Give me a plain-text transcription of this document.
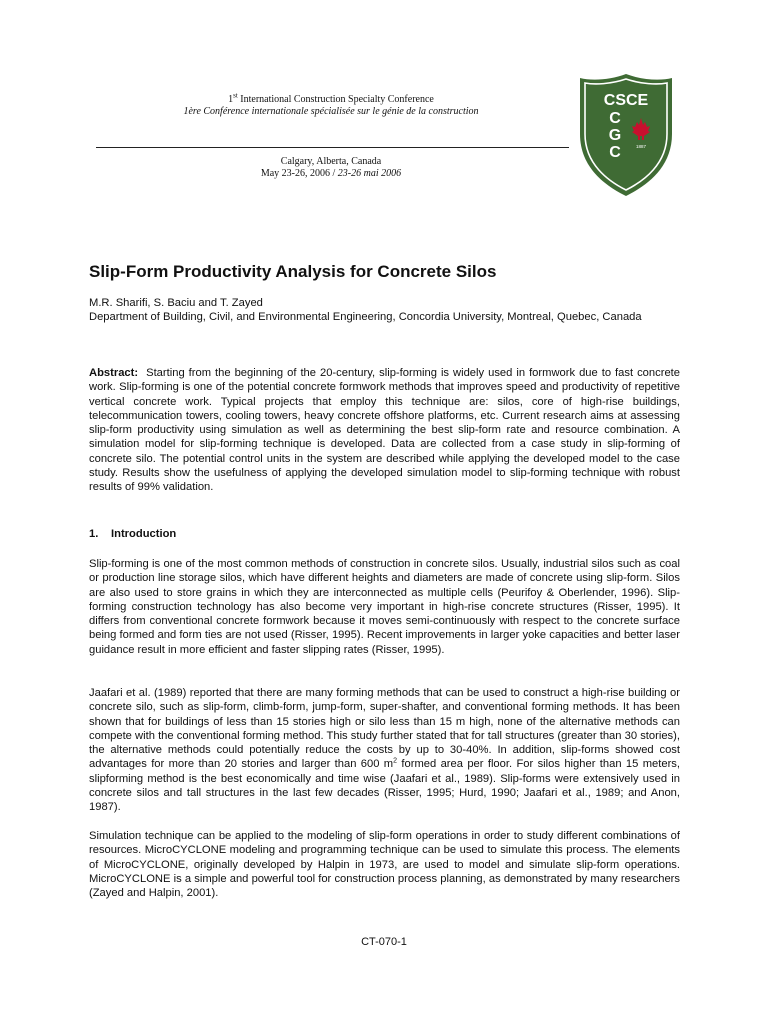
1st International Construction Specialty Conference
1ère Conférence internationale spécialisée sur le génie de la construction
Calgary, Alberta, Canada
May 23-26, 2006 / 23-26 mai 2006
CSCE
C
G
C	1887
Slip-Form Productivity Analysis for Concrete Silos
M.R. Sharifi, S. Baciu and T. Zayed
Department of Building, Civil, and Environmental Engineering, Concordia University, Montreal, Quebec, Canada
Abstract: Starting from the beginning of the 20-century, slip-forming is widely used in formwork due to fast concrete work. Slip-forming is one of the potential concrete formwork methods that improves speed and productivity of repetitive vertical concrete work. Typical projects that employ this technique are: silos, core of high-rise buildings, telecommunication towers, cooling towers, heavy concrete offshore platforms, etc. Current research aims at assessing slip-form productivity using simulation as well as determining the best slip-form rate and resource combination. A simulation model for slip-forming technique is developed. Data are collected from a case study in slip-forming of concrete silo. The potential control units in the system are described while applying the developed model to the case study. Results show the usefulness of applying the developed simulation model to slip-forming technique with robust results of 99% validation.
1. Introduction
Slip-forming is one of the most common methods of construction in concrete silos. Usually, industrial silos such as coal or production line storage silos, which have different heights and diameters are made of concrete using slip-form. Silos are also used to store grains in which they are interconnected as multiple cells (Peurifoy & Oberlender, 1996). Slip-forming construction technology has also become very important in high-rise concrete structures (Risser, 1995). It differs from conventional concrete formwork because it moves semi-continuously with respect to the concrete surface being formed and form ties are not used (Risser, 1995). Recent improvements in larger yoke capacities and better laser guidance result in more efficient and faster slipping rates (Risser, 1995).
Jaafari et al. (1989) reported that there are many forming methods that can be used to construct a high-rise building or concrete silo, such as slip-form, climb-form, jump-form, super-shafter, and conventional forming methods. It has been shown that for buildings of less than 15 stories high or silo less than 15 m high, none of the alternative methods can compete with the conventional forming method. This study further stated that for tall structures (greater than 30 stories), the alternative methods could potentially reduce the costs by up to 30-40%. In addition, slip-forms showed cost advantages for more than 20 stories and larger than 600 $m^2$ formed area per floor. For silos higher than 15 meters, slipforming method is the best economically and time wise (Jaafari et al., 1989). Slip-forms were extensively used in concrete silos and tall structures in the last few decades (Risser, 1995; Hurd, 1990; Jaafari et al., 1989; and Anon, 1987).
Simulation technique can be applied to the modeling of slip-form operations in order to study different combinations of resources. MicroCYCLONE modeling and programming technique can be used to simulate this process. The elements of MicroCYCLONE, originally developed by Halpin in 1973, are used to model and simulate slip-form operations. MicroCYCLONE is a simple and powerful tool for construction process planning, as demonstrated by many researchers (Zayed and Halpin, 2001).
CT-070-1
